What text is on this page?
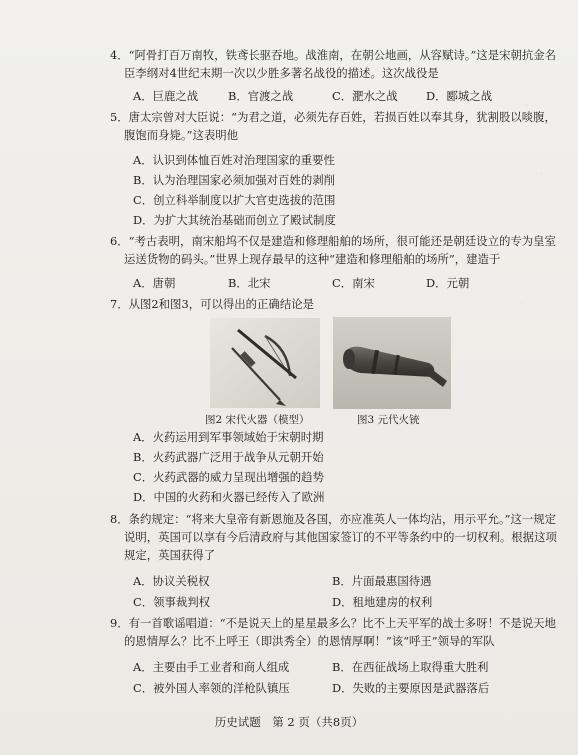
。
·
·
4．“阿骨打百万南牧，铁鸢长驱吞地。战淮南，在朝公地画，从容赋诗。”这是宋朝抗金名臣李纲对4世纪末期一次以少胜多著名战役的描述。这次战役是
A．巨鹿之战	B．官渡之战	C．淝水之战 D．郾城之战
5．唐太宗曾对大臣说：“为君之道，必须先存百姓，若损百姓以奉其身，犹割股以啖腹，腹饱而身毙。”这表明他
A．认识到体恤百姓对治理国家的重要性
B．认为治理国家必须加强对百姓的剥削
C．创立科举制度以扩大官吏选拔的范围
D．为扩大其统治基础而创立了殿试制度
6．“考古表明，南宋船坞不仅是建造和修理船舶的场所，很可能还是朝廷设立的专为皇室运送货物的码头。”世界上现存最早的这种“建造和修理船舶的场所”，建造于
A．唐朝	B．北宋	C．南宋	D．元朝
7．从图2和图3，可以得出的正确结论是
图2 宋代火器（模型）	图3 元代火铳
A．火药运用到军事领域始于宋朝时期
B．火药武器广泛用于战争从元朝开始
C．火药武器的威力呈现出增强的趋势
D．中国的火药和火器已经传入了欧洲
8．条约规定：“将来大皇帝有新恩施及各国，亦应准英人一体均沾，用示平允。”这一规定说明，英国可以享有今后清政府与其他国家签订的不平等条约中的一切权利。根据这项规定，英国获得了
A．协议关税权	B．片面最惠国待遇
C．领事裁判权	D．租地建房的权利
9．有一首歌谣唱道：“不是说天上的星星最多么？比不上天平军的战士多呀！不是说天地的恩情厚么？比不上呼王（即洪秀全）的恩情厚啊！”该“呼王”领导的军队
A．主要由手工业者和商人组成	B．在西征战场上取得重大胜利
C．被外国人率领的洋枪队镇压	D．失败的主要原因是武器落后
历史试题　第 2 页（共8页）
